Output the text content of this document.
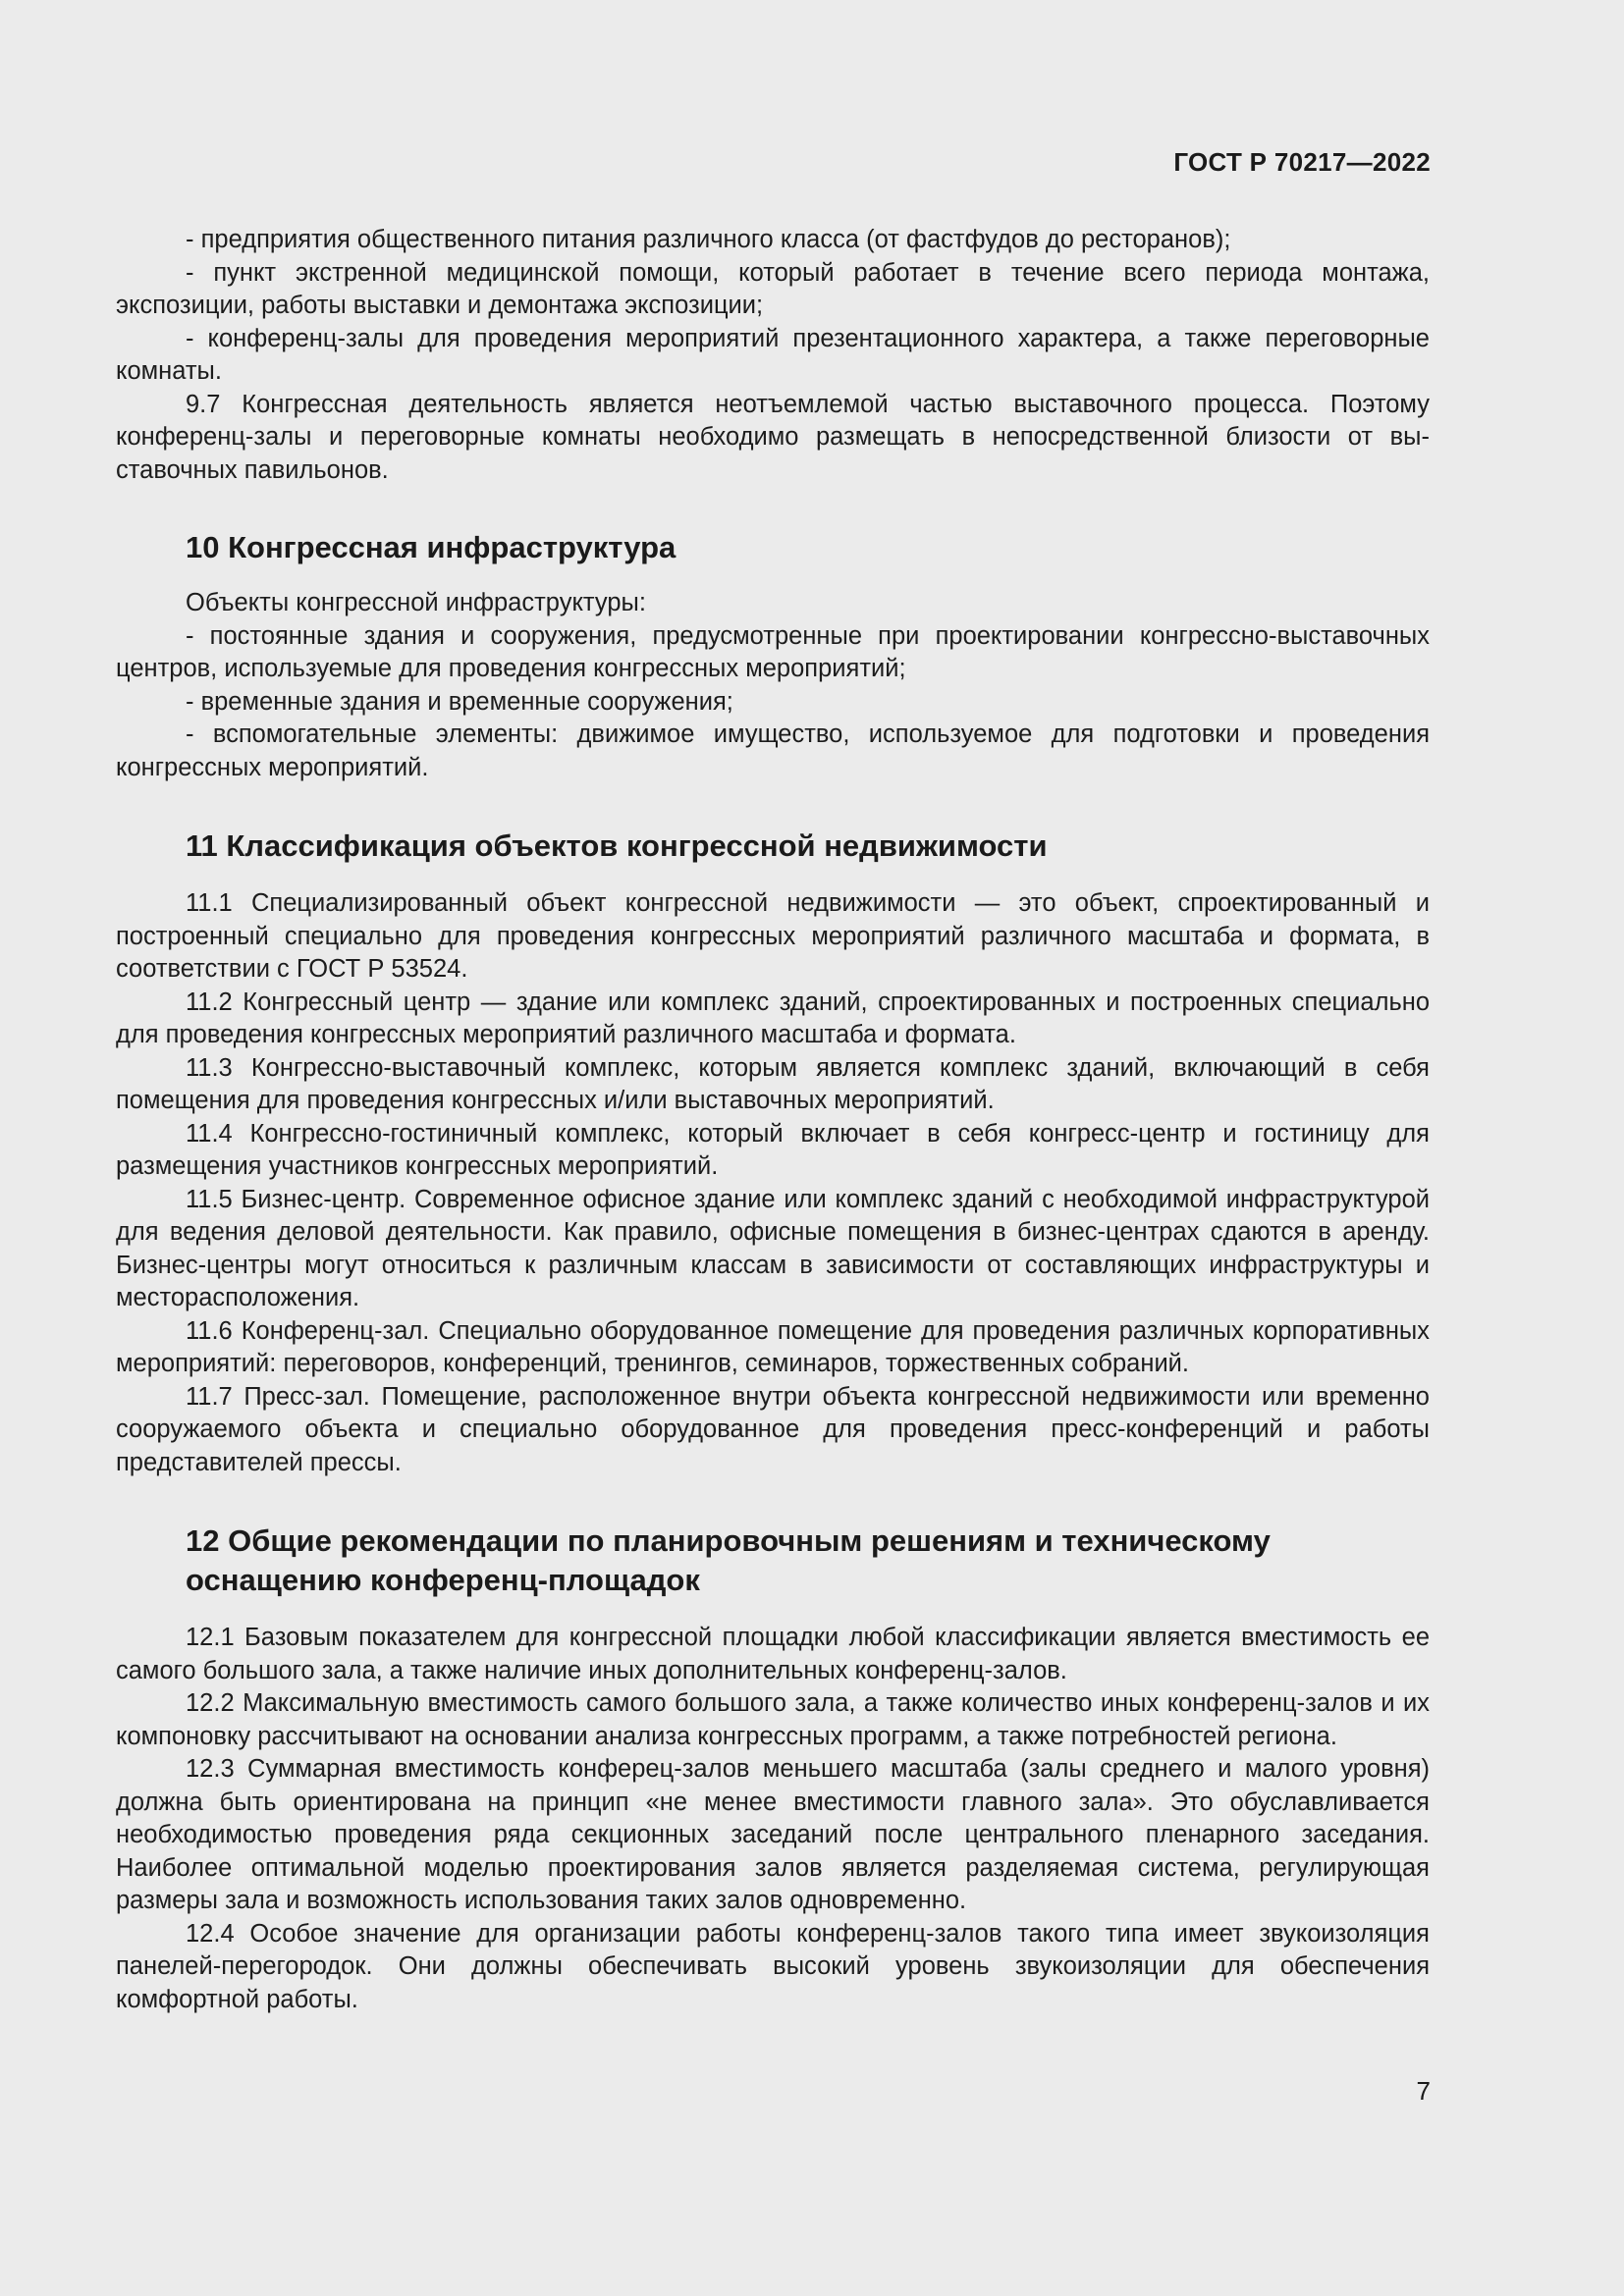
ГОСТ Р 70217—2022

- предприятия общественного питания различного класса (от фастфудов до ресторанов);

- пункт экстренной медицинской помощи, который работает в течение всего периода монтажа, экспозиции, работы выставки и демонтажа экспозиции;

- конференц-залы для проведения мероприятий презентационного характера, а также переговорные комнаты.

9.7 Конгрессная деятельность является неотъемлемой частью выставочного процесса. Поэтому конференц-залы и переговорные комнаты необходимо размещать в непосредственной близости от выставочных павильонов.

10 Конгрессная инфраструктура

Объекты конгрессной инфраструктуры:

- постоянные здания и сооружения, предусмотренные при проектировании конгрессно-выставочных центров, используемые для проведения конгрессных мероприятий;

- временные здания и временные сооружения;

- вспомогательные элементы: движимое имущество, используемое для подготовки и проведения конгрессных мероприятий.

11 Классификация объектов конгрессной недвижимости

11.1 Специализированный объект конгрессной недвижимости — это объект, спроектированный и построенный специально для проведения конгрессных мероприятий различного масштаба и формата, в соответствии с ГОСТ Р 53524.

11.2 Конгрессный центр — здание или комплекс зданий, спроектированных и построенных специально для проведения конгрессных мероприятий различного масштаба и формата.

11.3 Конгрессно-выставочный комплекс, которым является комплекс зданий, включающий в себя помещения для проведения конгрессных и/или выставочных мероприятий.

11.4 Конгрессно-гостиничный комплекс, который включает в себя конгресс-центр и гостиницу для размещения участников конгрессных мероприятий.

11.5 Бизнес-центр. Современное офисное здание или комплекс зданий с необходимой инфраструктурой для ведения деловой деятельности. Как правило, офисные помещения в бизнес-центрах сдаются в аренду. Бизнес-центры могут относиться к различным классам в зависимости от составляющих инфраструктуры и месторасположения.

11.6 Конференц-зал. Специально оборудованное помещение для проведения различных корпоративных мероприятий: переговоров, конференций, тренингов, семинаров, торжественных собраний.

11.7 Пресс-зал. Помещение, расположенное внутри объекта конгрессной недвижимости или временно сооружаемого объекта и специально оборудованное для проведения пресс-конференций и работы представителей прессы.

12 Общие рекомендации по планировочным решениям и техническому оснащению конференц-площадок

12.1 Базовым показателем для конгрессной площадки любой классификации является вместимость ее самого большого зала, а также наличие иных дополнительных конференц-залов.

12.2 Максимальную вместимость самого большого зала, а также количество иных конференц-залов и их компоновку рассчитывают на основании анализа конгрессных программ, а также потребностей региона.

12.3 Суммарная вместимость конферец-залов меньшего масштаба (залы среднего и малого уровня) должна быть ориентирована на принцип «не менее вместимости главного зала». Это обуславливается необходимостью проведения ряда секционных заседаний после центрального пленарного заседания. Наиболее оптимальной моделью проектирования залов является разделяемая система, регулирующая размеры зала и возможность использования таких залов одновременно.

12.4 Особое значение для организации работы конференц-залов такого типа имеет звукоизоляция панелей-перегородок. Они должны обеспечивать высокий уровень звукоизоляции для обеспечения комфортной работы.

7
